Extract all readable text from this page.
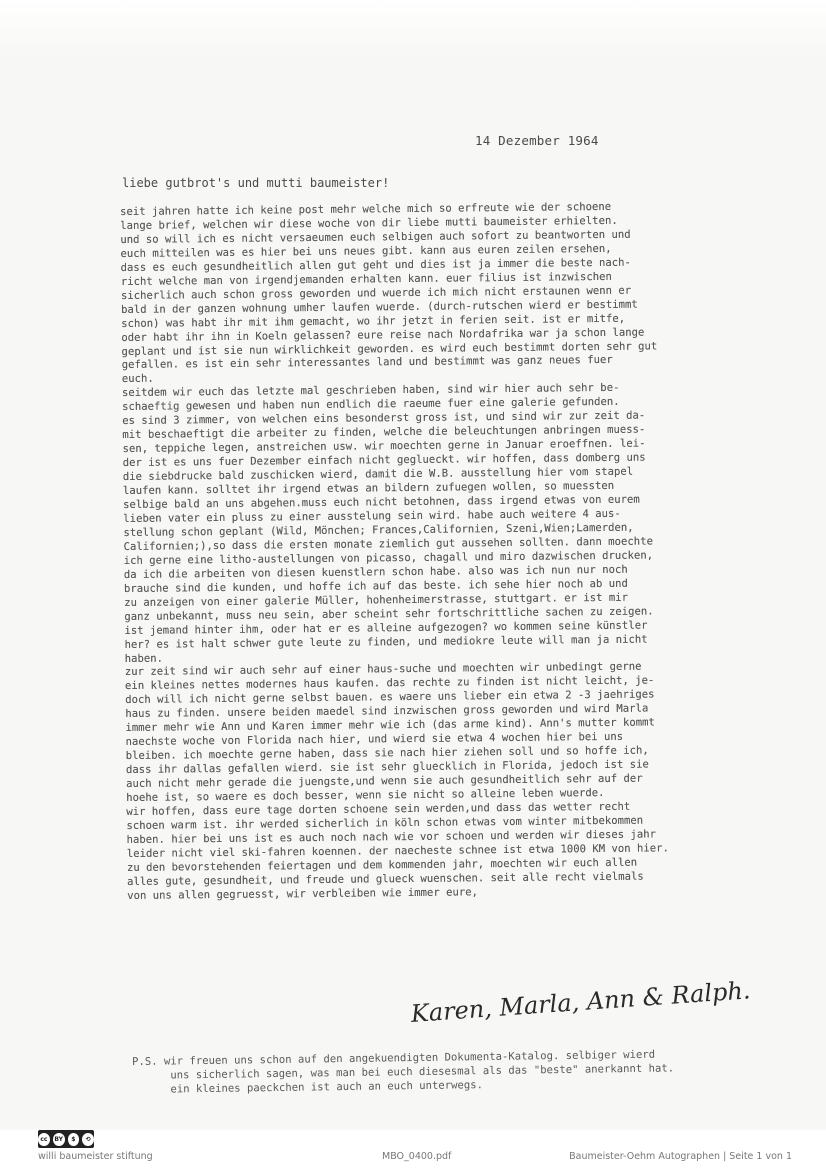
14 Dezember 1964
liebe gutbrot's und mutti baumeister!
seit jahren hatte ich keine post mehr welche mich so erfreute wie der schoene
lange brief, welchen wir diese woche von dir liebe mutti baumeister erhielten.
und so will ich es nicht versaeumen euch selbigen auch sofort zu beantworten und
euch mitteilen was es hier bei uns neues gibt. kann aus euren zeilen ersehen,
dass es euch gesundheitlich allen gut geht und dies ist ja immer die beste nach-
richt welche man von irgendjemanden erhalten kann. euer filius ist inzwischen
sicherlich auch schon gross geworden und wuerde ich mich nicht erstaunen wenn er
bald in der ganzen wohnung umher laufen wuerde. (durch-rutschen wierd er bestimmt
schon) was habt ihr mit ihm gemacht, wo ihr jetzt in ferien seit. ist er mitfe,
oder habt ihr ihn in Koeln gelassen? eure reise nach Nordafrika war ja schon lange
geplant und ist sie nun wirklichkeit geworden. es wird euch bestimmt dorten sehr gut
gefallen. es ist ein sehr interessantes land und bestimmt was ganz neues fuer
euch.
seitdem wir euch das letzte mal geschrieben haben, sind wir hier auch sehr be-
schaeftig gewesen und haben nun endlich die raeume fuer eine galerie gefunden.
es sind 3 zimmer, von welchen eins besonderst gross ist, und sind wir zur zeit da-
mit beschaeftigt die arbeiter zu finden, welche die beleuchtungen anbringen muess-
sen, teppiche legen, anstreichen usw. wir moechten gerne in Januar eroeffnen. lei-
der ist es uns fuer Dezember einfach nicht geglueckt. wir hoffen, dass domberg uns
die siebdrucke bald zuschicken wierd, damit die W.B. ausstellung hier vom stapel
laufen kann. solltet ihr irgend etwas an bildern zufuegen wollen, so muessten
selbige bald an uns abgehen.muss euch nicht betohnen, dass irgend etwas von eurem
lieben vater ein pluss zu einer ausstelung sein wird. habe auch weitere 4 aus-
stellung schon geplant (Wild, Mönchen; Frances,Californien, Szeni,Wien;Lamerden,
Californien;),so dass die ersten monate ziemlich gut aussehen sollten. dann moechte
ich gerne eine litho-austellungen von picasso, chagall und miro dazwischen drucken,
da ich die arbeiten von diesen kuenstlern schon habe. also was ich nun nur noch
brauche sind die kunden, und hoffe ich auf das beste. ich sehe hier noch ab und
zu anzeigen von einer galerie Müller, hohenheimerstrasse, stuttgart. er ist mir
ganz unbekannt, muss neu sein, aber scheint sehr fortschrittliche sachen zu zeigen.
ist jemand hinter ihm, oder hat er es alleine aufgezogen? wo kommen seine künstler
her? es ist halt schwer gute leute zu finden, und mediokre leute will man ja nicht
haben.
zur zeit sind wir auch sehr auf einer haus-suche und moechten wir unbedingt gerne
ein kleines nettes modernes haus kaufen. das rechte zu finden ist nicht leicht, je-
doch will ich nicht gerne selbst bauen. es waere uns lieber ein etwa 2 -3 jaehriges
haus zu finden. unsere beiden maedel sind inzwischen gross geworden und wird Marla
immer mehr wie Ann und Karen immer mehr wie ich (das arme kind). Ann's mutter kommt
naechste woche von Florida nach hier, und wierd sie etwa 4 wochen hier bei uns
bleiben. ich moechte gerne haben, dass sie nach hier ziehen soll und so hoffe ich,
dass ihr dallas gefallen wierd. sie ist sehr gluecklich in Florida, jedoch ist sie
auch nicht mehr gerade die juengste,und wenn sie auch gesundheitlich sehr auf der
hoehe ist, so waere es doch besser, wenn sie nicht so alleine leben wuerde.
wir hoffen, dass eure tage dorten schoene sein werden,und dass das wetter recht
schoen warm ist. ihr werded sicherlich in köln schon etwas vom winter mitbekommen
haben. hier bei uns ist es auch noch nach wie vor schoen und werden wir dieses jahr
leider nicht viel ski-fahren koennen. der naecheste schnee ist etwa 1000 KM von hier.
zu den bevorstehenden feiertagen und dem kommenden jahr, moechten wir euch allen
alles gute, gesundheit, und freude und glueck wuenschen. seit alle recht vielmals
von uns allen gegruesst, wir verbleiben wie immer eure,
Karen, Marla, Ann & Ralph.
P.S. wir freuen uns schon auf den angekuendigten Dokumenta-Katalog. selbiger wierd
uns sicherlich sagen, was man bei euch diesesmal als das "beste" anerkannt hat.
ein kleines paeckchen ist auch an euch unterwegs.
cc	BY	$	⟲
willi baumeister stiftung	MBO_0400.pdf	Baumeister-Oehm Autographen | Seite 1 von 1
